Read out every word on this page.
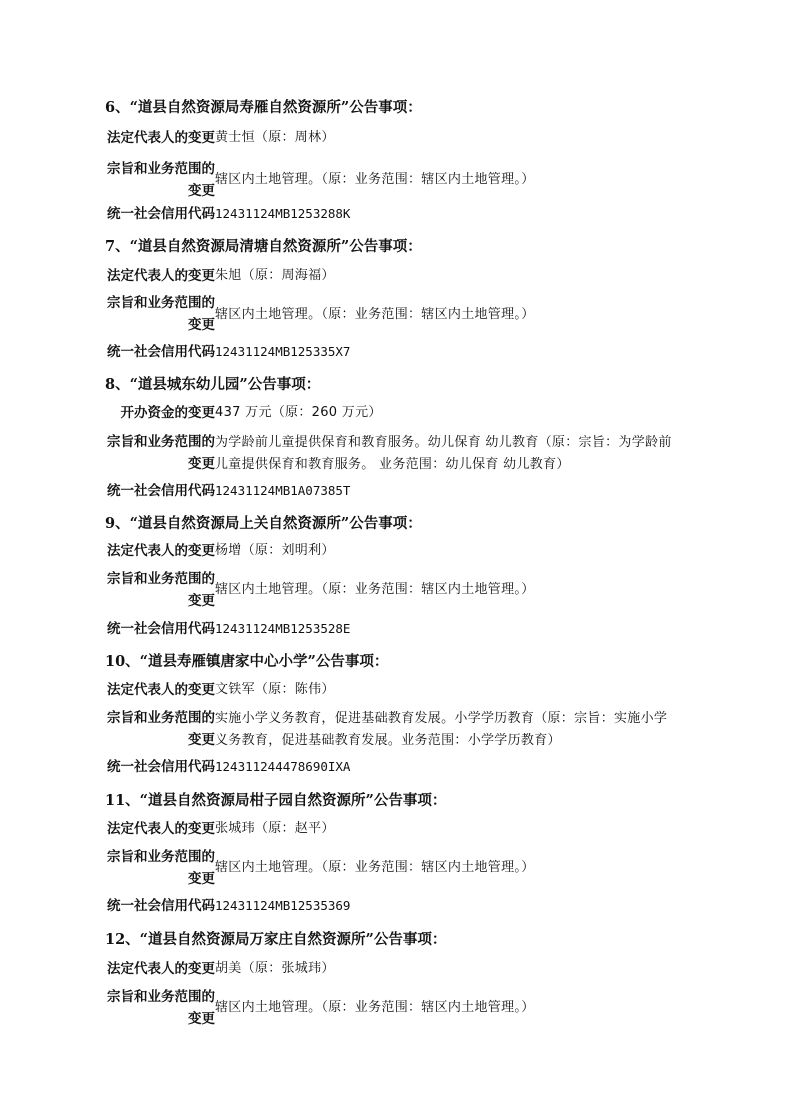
6、“道县自然资源局寿雁自然资源所”公告事项：
法定代表人的变更 黄士恒（原：周林）
宗旨和业务范围的
变更
辖区内土地管理。（原：业务范围：辖区内土地管理。）
统一社会信用代码 12431124MB1253288K
7、“道县自然资源局清塘自然资源所”公告事项：
法定代表人的变更 朱旭（原：周海福）
宗旨和业务范围的
变更
辖区内土地管理。（原：业务范围：辖区内土地管理。）
统一社会信用代码 12431124MB125335X7
8、“道县城东幼儿园”公告事项：
开办资金的变更 437 万元（原：260 万元）
宗旨和业务范围的
变更
为学龄前儿童提供保育和教育服务。幼儿保育 幼儿教育（原：宗旨：为学龄前
儿童提供保育和教育服务。 业务范围：幼儿保育 幼儿教育）
统一社会信用代码 12431124MB1A07385T
9、“道县自然资源局上关自然资源所”公告事项：
法定代表人的变更 杨增（原：刘明利）
宗旨和业务范围的
变更
辖区内土地管理。（原：业务范围：辖区内土地管理。）
统一社会信用代码 12431124MB1253528E
10、“道县寿雁镇唐家中心小学”公告事项：
法定代表人的变更 文铁军（原：陈伟）
宗旨和业务范围的
变更
实施小学义务教育，促进基础教育发展。小学学历教育（原：宗旨：实施小学
义务教育，促进基础教育发展。业务范围：小学学历教育）
统一社会信用代码 124311244478690IXA
11、“道县自然资源局柑子园自然资源所”公告事项：
法定代表人的变更 张城玮（原：赵平）
宗旨和业务范围的
变更
辖区内土地管理。（原：业务范围：辖区内土地管理。）
统一社会信用代码 12431124MB12535369
12、“道县自然资源局万家庄自然资源所”公告事项：
法定代表人的变更 胡美（原：张城玮）
宗旨和业务范围的
变更
辖区内土地管理。（原：业务范围：辖区内土地管理。）
